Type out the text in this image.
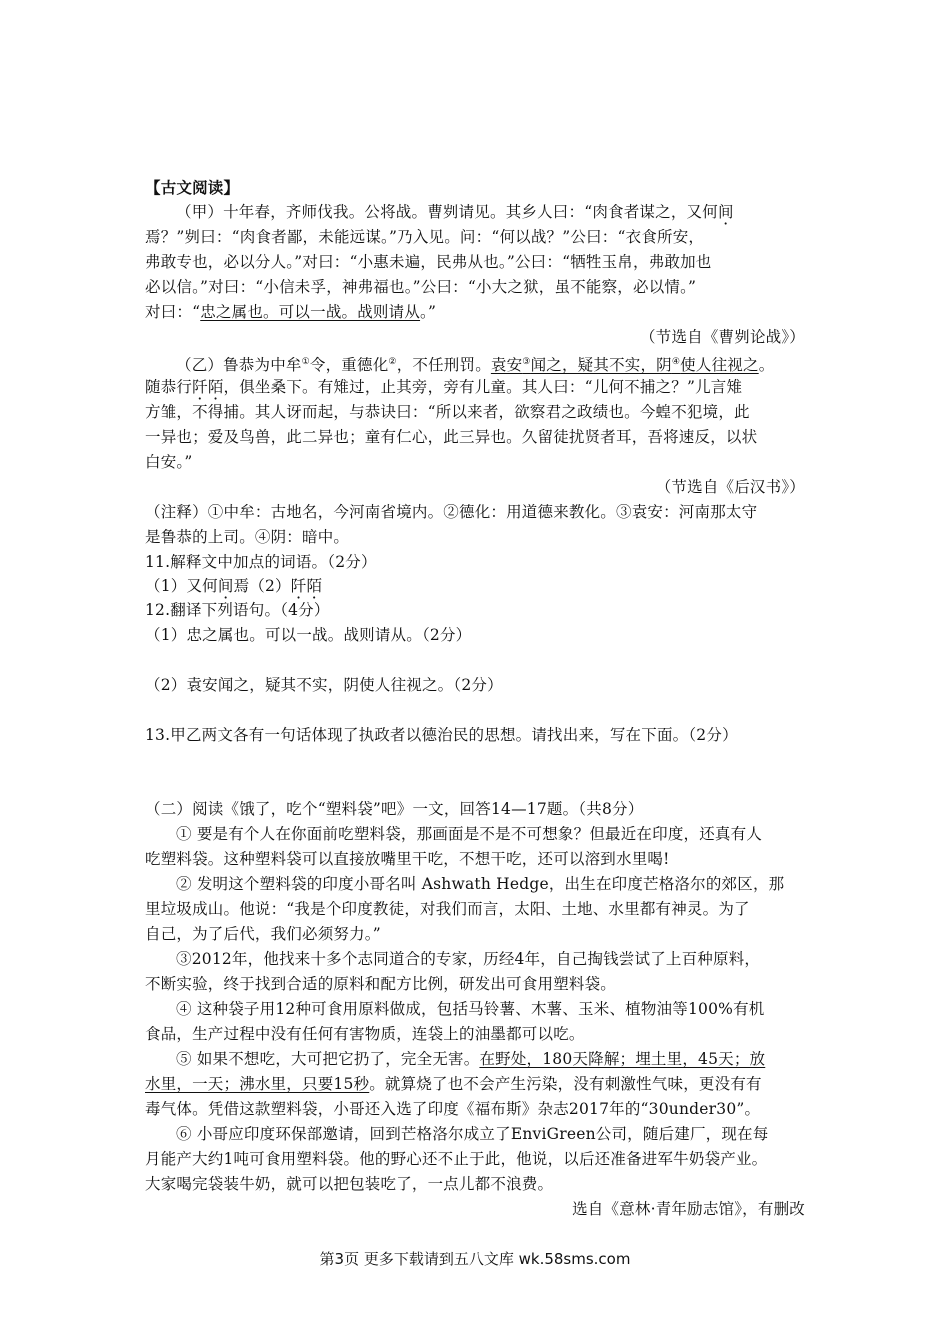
【古文阅读】
（甲）十年春，齐师伐我。公将战。曹刿请见。其乡人曰：“肉食者谋之，又何间
焉？”刿曰：“肉食者鄙，未能远谋。”乃入见。问：“何以战？”公曰：“衣食所安，
弗敢专也，必以分人。”对曰：“小惠未遍，民弗从也。”公曰：“牺牲玉帛，弗敢加也
必以信。”对曰：“小信未孚，神弗福也。”公曰：“小大之狱，虽不能察，必以情。”
对曰：“忠之属也。可以一战。战则请从。”
（节选自《曹刿论战》）
（乙）鲁恭为中牟①令，重德化②，不任刑罚。袁安③闻之，疑其不实，阴④使人往视之。
随恭行阡陌，俱坐桑下。有雉过，止其旁，旁有儿童。其人曰：“儿何不捕之？”儿言雉
方雏，不得捕。其人讶而起，与恭诀曰：“所以来者，欲察君之政绩也。今蝗不犯境，此
一异也；爱及鸟兽，此二异也；童有仁心，此三异也。久留徒扰贤者耳，吾将速反，以状
白安。”
（节选自《后汉书》）
（注释）①中牟：古地名，今河南省境内。②德化：用道德来教化。③袁安：河南那太守
是鲁恭的上司。④阴：暗中。
11.解释文中加点的词语。（2分）
（1）又何间焉（2）阡陌
12.翻译下列语句。（4分）
（1）忠之属也。可以一战。战则请从。（2分）
（2）袁安闻之，疑其不实，阴使人往视之。（2分）
13.甲乙两文各有一句话体现了执政者以德治民的思想。请找出来，写在下面。（2分）
（二）阅读《饿了，吃个“塑料袋”吧》一文，回答14—17题。（共8分）
① 要是有个人在你面前吃塑料袋，那画面是不是不可想象？但最近在印度，还真有人
吃塑料袋。这种塑料袋可以直接放嘴里干吃，不想干吃，还可以溶到水里喝!
② 发明这个塑料袋的印度小哥名叫 Ashwath Hedge，出生在印度芒格洛尔的郊区，那
里垃圾成山。他说：“我是个印度教徒，对我们而言，太阳、土地、水里都有神灵。为了
自己，为了后代，我们必须努力。”
③2012年，他找来十多个志同道合的专家，历经4年，自己掏钱尝试了上百种原料，
不断实验，终于找到合适的原料和配方比例，研发出可食用塑料袋。
④ 这种袋子用12种可食用原料做成，包括马铃薯、木薯、玉米、植物油等100%有机
食品，生产过程中没有任何有害物质，连袋上的油墨都可以吃。
⑤ 如果不想吃，大可把它扔了，完全无害。在野处，180天降解；埋土里，45天；放
水里，一天；沸水里，只要15秒。就算烧了也不会产生污染，没有刺激性气味，更没有有
毒气体。凭借这款塑料袋，小哥还入选了印度《福布斯》杂志2017年的“30under30”。
⑥ 小哥应印度环保部邀请，回到芒格洛尔成立了EnviGreen公司，随后建厂，现在每
月能产大约1吨可食用塑料袋。他的野心还不止于此，他说，以后还准备进军牛奶袋产业。
大家喝完袋装牛奶，就可以把包装吃了，一点儿都不浪费。
选自《意林·青年励志馆》，有删改
第3页 更多下载请到五八文库 wk.58sms.com
